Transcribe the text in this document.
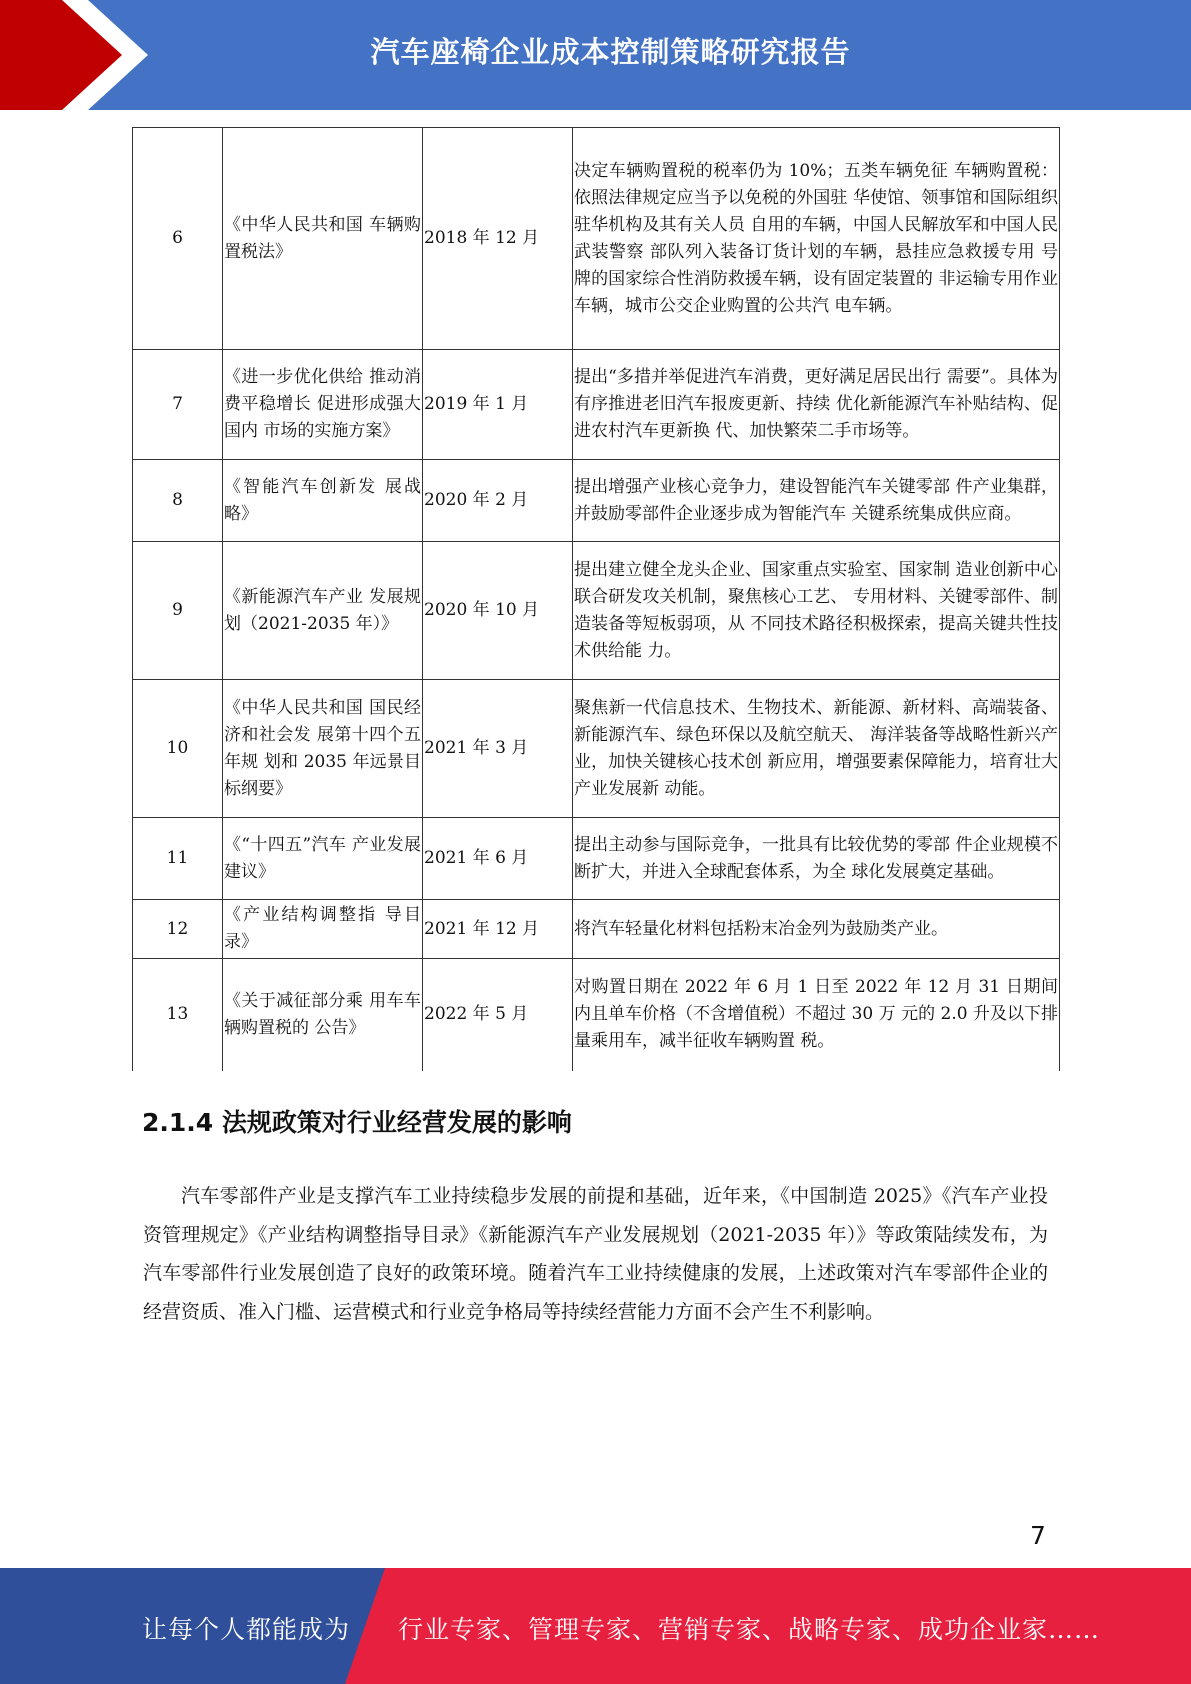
汽车座椅企业成本控制策略研究报告
6	《中华人民共和国 车辆购置税法》	2018 年 12 月	决定车辆购置税的税率仍为 10%；五类车辆免征 车辆购置税：依照法律规定应当予以免税的外国驻 华使馆、领事馆和国际组织驻华机构及其有关人员 自用的车辆，中国人民解放军和中国人民武装警察 部队列入装备订货计划的车辆，悬挂应急救援专用 号牌的国家综合性消防救援车辆，设有固定装置的 非运输专用作业车辆，城市公交企业购置的公共汽 电车辆。
7	《进一步优化供给 推动消费平稳增长 促进形成强大国内 市场的实施方案》	2019 年 1 月	提出“多措并举促进汽车消费，更好满足居民出行 需要”。具体为有序推进老旧汽车报废更新、持续 优化新能源汽车补贴结构、促进农村汽车更新换 代、加快繁荣二手市场等。
8	《智能汽车创新发 展战略》	2020 年 2 月	提出增强产业核心竞争力，建设智能汽车关键零部 件产业集群，并鼓励零部件企业逐步成为智能汽车 关键系统集成供应商。
9	《新能源汽车产业 发展规划（2021-2035 年）》	2020 年 10 月	提出建立健全龙头企业、国家重点实验室、国家制 造业创新中心联合研发攻关机制，聚焦核心工艺、 专用材料、关键零部件、制造装备等短板弱项，从 不同技术路径积极探索，提高关键共性技术供给能 力。
10	《中华人民共和国 国民经济和社会发 展第十四个五年规 划和 2035 年远景目 标纲要》	2021 年 3 月	聚焦新一代信息技术、生物技术、新能源、新材料、高端装备、新能源汽车、绿色环保以及航空航天、 海洋装备等战略性新兴产业，加快关键核心技术创 新应用，增强要素保障能力，培育壮大产业发展新 动能。
11	《“十四五”汽车 产业发展建议》	2021 年 6 月	提出主动参与国际竞争，一批具有比较优势的零部 件企业规模不断扩大，并进入全球配套体系，为全 球化发展奠定基础。
12	《产业结构调整指 导目录》	2021 年 12 月	将汽车轻量化材料包括粉末冶金列为鼓励类产业。
13	《关于减征部分乘 用车车辆购置税的 公告》	2022 年 5 月	对购置日期在 2022 年 6 月 1 日至 2022 年 12 月 31 日期间内且单车价格（不含增值税）不超过 30 万 元的 2.0 升及以下排量乘用车，减半征收车辆购置 税。
2.1.4 法规政策对行业经营发展的影响
汽车零部件产业是支撑汽车工业持续稳步发展的前提和基础，近年来，《中国制造 2025》《汽车产业投资管理规定》《产业结构调整指导目录》《新能源汽车产业发展规划（2021-2035 年）》等政策陆续发布，为汽车零部件行业发展创造了良好的政策环境。随着汽车工业持续健康的发展，上述政策对汽车零部件企业的经营资质、准入门槛、运营模式和行业竞争格局等持续经营能力方面不会产生不利影响。
7
让每个人都能成为 行业专家、管理专家、营销专家、战略专家、成功企业家……
